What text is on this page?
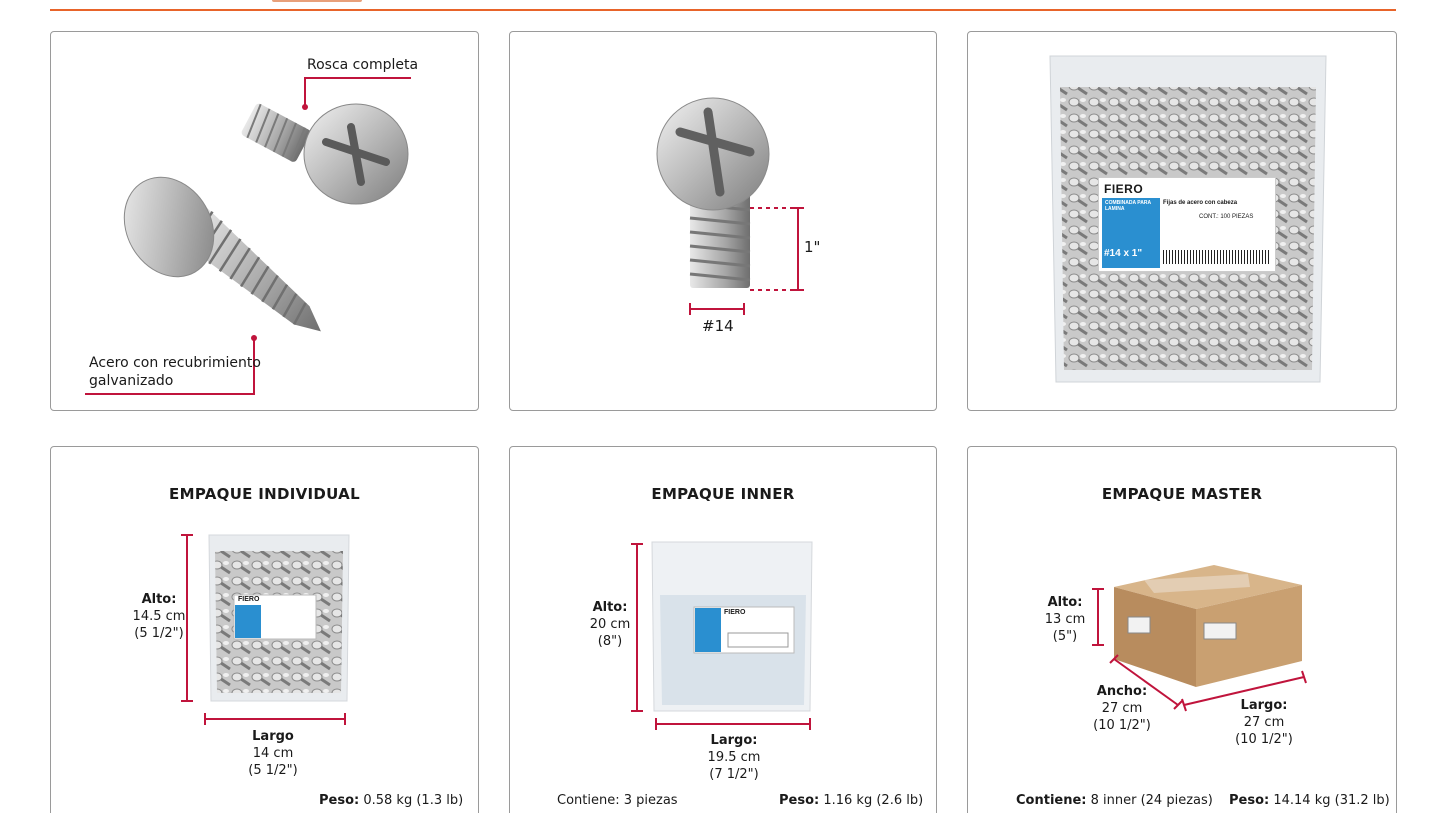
Rosca completa
Acero con recubrimiento
galvanizado
1"
#14
FIERO
COMBINADA PARA LAMINA
#14 x 1"
Fijas de acero con cabeza
CONT.: 100 PIEZAS
EMPAQUE INDIVIDUAL
FIERO
Alto:
14.5 cm
(5 1/2")
Largo
14 cm
(5 1/2")
Peso: 0.58 kg (1.3 lb)
EMPAQUE INNER
FIERO
Alto:
20 cm
(8")
Largo:
19.5 cm
(7 1/2")
Contiene: 3 piezas	Peso: 1.16 kg (2.6 lb)
EMPAQUE MASTER
Alto:
13 cm
(5")
Ancho:
27 cm
(10 1/2")
Largo:
27 cm
(10 1/2")
Contiene: 8 inner (24 piezas) Peso: 14.14 kg (31.2 lb)
